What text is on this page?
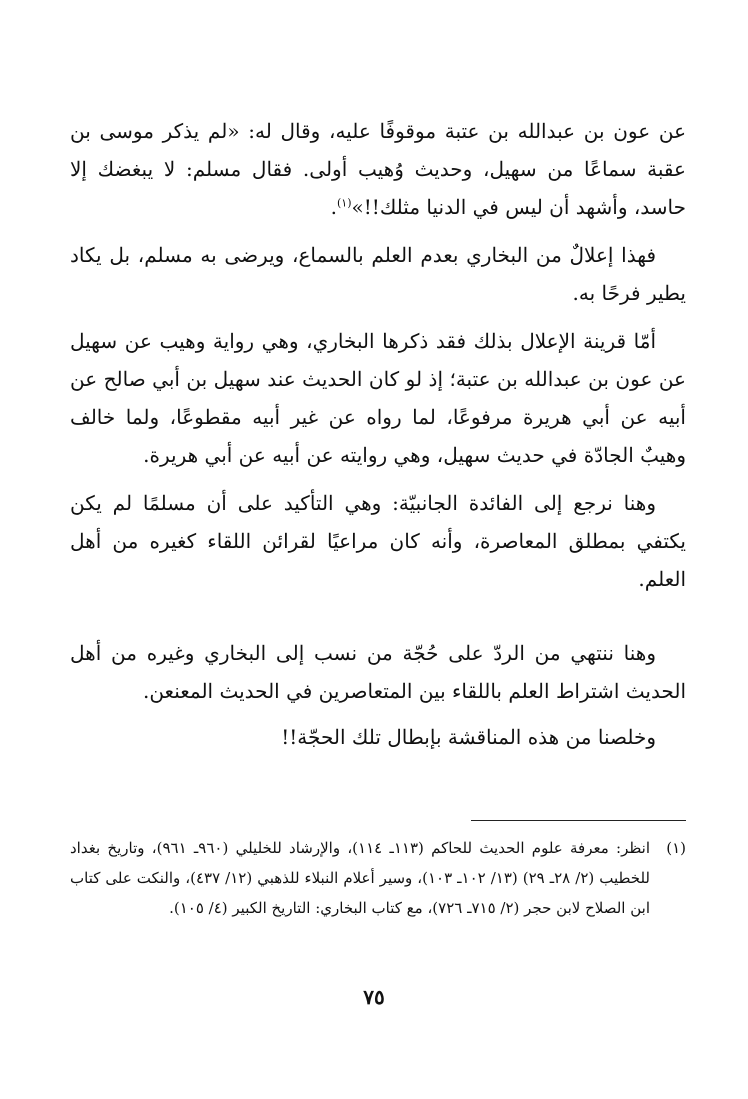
عن عون بن عبدالله بن عتبة موقوفًا عليه، وقال له: «لم يذكر موسى بن عقبة سماعًا من سهيل، وحديث وُهيب أولى. فقال مسلم: لا يبغضك إلا حاسد، وأشهد أن ليس في الدنيا مثلك!!»$^{(١)}$.

فهذا إعلالٌ من البخاري بعدم العلم بالسماع، ويرضى به مسلم، بل يكاد يطير فرحًا به.

أمّا قرينة الإعلال بذلك فقد ذكرها البخاري، وهي رواية وهيب عن سهيل عن عون بن عبدالله بن عتبة؛ إذ لو كان الحديث عند سهيل بن أبي صالح عن أبيه عن أبي هريرة مرفوعًا، لما رواه عن غير أبيه مقطوعًا، ولما خالف وهيبٌ الجادّة في حديث سهيل، وهي روايته عن أبيه عن أبي هريرة.

وهنا نرجع إلى الفائدة الجانبيّة: وهي التأكيد على أن مسلمًا لم يكن يكتفي بمطلق المعاصرة، وأنه كان مراعيًا لقرائن اللقاء كغيره من أهل العلم.

وهنا ننتهي من الردّ على حُجّة من نسب إلى البخاري وغيره من أهل الحديث اشتراط العلم باللقاء بين المتعاصرين في الحديث المعنعن.

وخلصنا من هذه المناقشة بإبطال تلك الحجّة!!

(١)
انظر: معرفة علوم الحديث للحاكم (١١٣ـ ١١٤)، والإرشاد للخليلي (٩٦٠ـ ٩٦١)، وتاريخ بغداد للخطيب (٢/ ٢٨ـ ٢٩) (١٣/ ١٠٢ـ ١٠٣)، وسير أعلام النبلاء للذهبي (١٢/ ٤٣٧)، والنكت على كتاب ابن الصلاح لابن حجر (٢/ ٧١٥ـ ٧٢٦)، مع كتاب البخاري: التاريخ الكبير (٤/ ١٠٥).
٧٥
